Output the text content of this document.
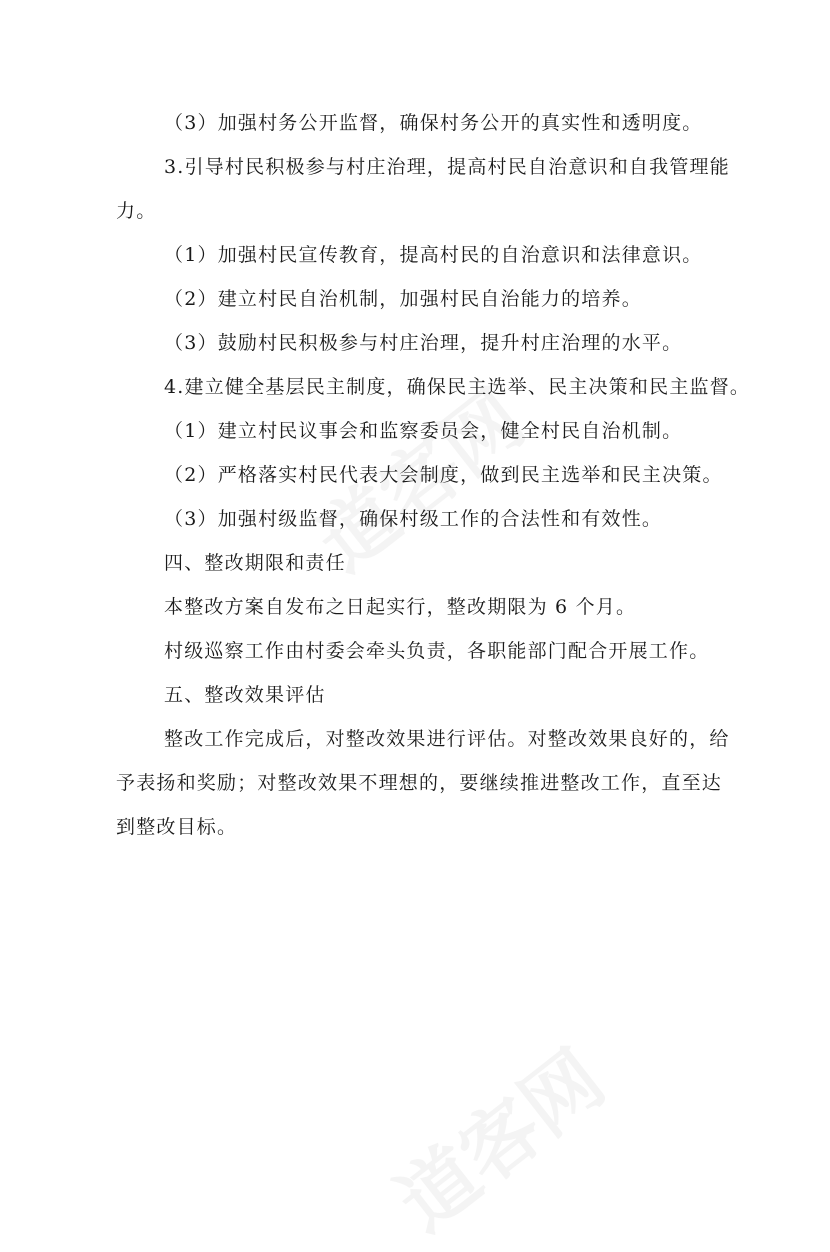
（3）加强村务公开监督，确保村务公开的真实性和透明度。
3.引导村民积极参与村庄治理，提高村民自治意识和自我管理能
力。
（1）加强村民宣传教育，提高村民的自治意识和法律意识。
（2）建立村民自治机制，加强村民自治能力的培养。
（3）鼓励村民积极参与村庄治理，提升村庄治理的水平。
4.建立健全基层民主制度，确保民主选举、民主决策和民主监督。
（1）建立村民议事会和监察委员会，健全村民自治机制。
（2）严格落实村民代表大会制度，做到民主选举和民主决策。
（3）加强村级监督，确保村级工作的合法性和有效性。
四、整改期限和责任
本整改方案自发布之日起实行，整改期限为 6 个月。
村级巡察工作由村委会牵头负责，各职能部门配合开展工作。
五、整改效果评估
整改工作完成后，对整改效果进行评估。对整改效果良好的，给
予表扬和奖励；对整改效果不理想的，要继续推进整改工作，直至达
到整改目标。
